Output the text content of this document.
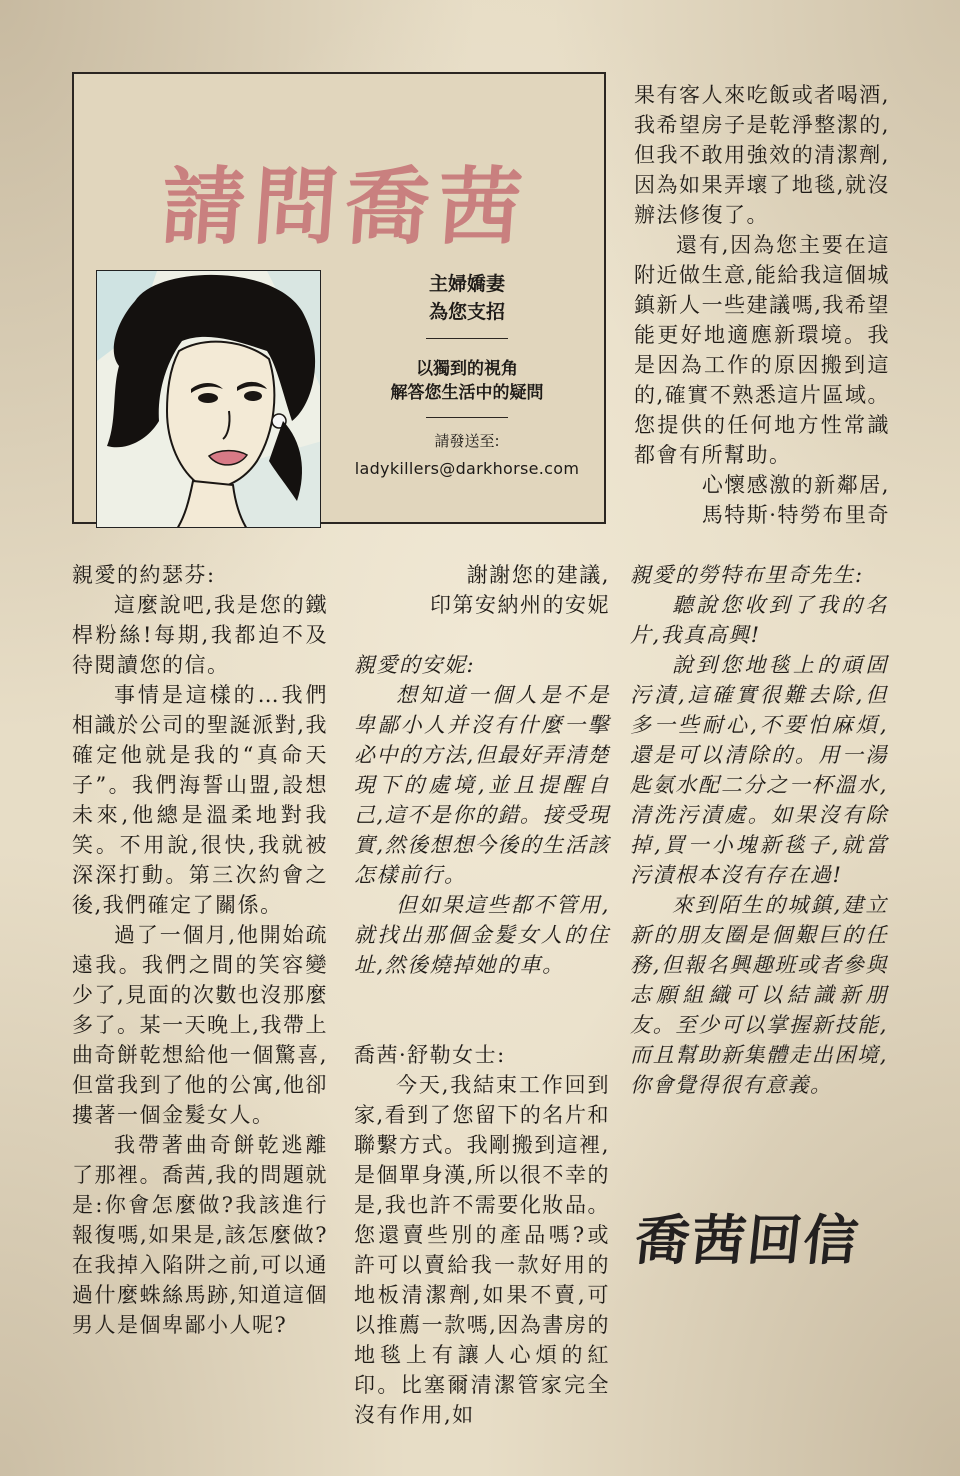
請問喬茜
主婦嬌妻
為您支招
以獨到的視角
解答您生活中的疑問
請發送至:
ladykillers@darkhorse.com

果有客人來吃飯或者喝酒,我希望房子是乾淨整潔的,但我不敢用強效的清潔劑,因為如果弄壞了地毯,就沒辦法修復了。

還有,因為您主要在這附近做生意,能給我這個城鎮新人一些建議嗎,我希望能更好地適應新環境。我是因為工作的原因搬到這的,確實不熟悉這片區域。您提供的任何地方性常識都會有所幫助。

心懷感激的新鄰居,

馬特斯·特勞布里奇

親愛的約瑟芬:

這麼說吧,我是您的鐵桿粉絲!每期,我都迫不及待閱讀您的信。

事情是這樣的…我們相識於公司的聖誕派對,我確定他就是我的“真命天子”。我們海誓山盟,設想未來,他總是溫柔地對我笑。不用說,很快,我就被深深打動。第三次約會之後,我們確定了關係。

過了一個月,他開始疏遠我。我們之間的笑容變少了,見面的次數也沒那麼多了。某一天晚上,我帶上曲奇餅乾想給他一個驚喜,但當我到了他的公寓,他卻摟著一個金髮女人。

我帶著曲奇餅乾逃離了那裡。喬茜,我的問題就是:你會怎麼做?我該進行報復嗎,如果是,該怎麼做?在我掉入陷阱之前,可以通過什麼蛛絲馬跡,知道這個男人是個卑鄙小人呢?

謝謝您的建議,

印第安納州的安妮

親愛的安妮:

想知道一個人是不是卑鄙小人并沒有什麼一擊必中的方法,但最好弄清楚現下的處境,並且提醒自己,這不是你的錯。接受現實,然後想想今後的生活該怎樣前行。

但如果這些都不管用,就找出那個金髮女人的住址,然後燒掉她的車。

喬茜·舒勒女士:

今天,我結束工作回到家,看到了您留下的名片和聯繫方式。我剛搬到這裡,是個單身漢,所以很不幸的是,我也許不需要化妝品。您還賣些別的產品嗎?或許可以賣給我一款好用的地板清潔劑,如果不賣,可以推薦一款嗎,因為書房的地毯上有讓人心煩的紅印。比塞爾清潔管家完全沒有作用,如

親愛的勞特布里奇先生:

聽說您收到了我的名片,我真高興!

說到您地毯上的頑固污漬,這確實很難去除,但多一些耐心,不要怕麻煩,還是可以清除的。用一湯匙氨水配二分之一杯溫水,清洗污漬處。如果沒有除掉,買一小塊新毯子,就當污漬根本沒有存在過!

來到陌生的城鎮,建立新的朋友圈是個艱巨的任務,但報名興趣班或者參與志願組織可以結識新朋友。至少可以掌握新技能,而且幫助新集體走出困境,你會覺得很有意義。

喬茜回信
